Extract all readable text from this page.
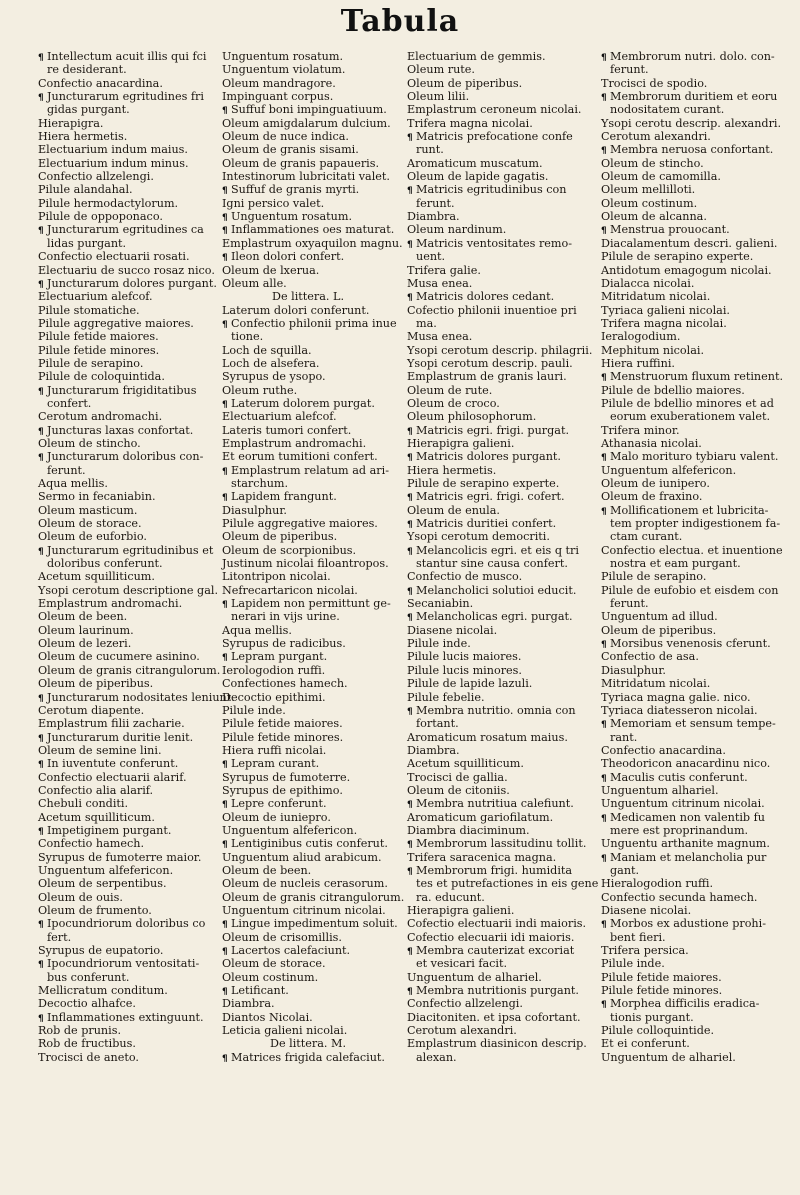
Tabula
¶ Intellectum acuit illis qui fci
re desiderant.
Confectio anacardina.
¶ Juncturarum egritudines fri
gidas purgant.
Hierapigra.
Hiera hermetis.
Electuarium indum maius.
Electuarium indum minus.
Confectio allzelengi.
Pilule alandahal.
Pilule hermodactylorum.
Pilule de oppoponaco.
¶ Juncturarum egritudines ca
lidas purgant.
Confectio electuarii rosati.
Electuariu de succo rosaz nico.
¶ Juncturarum dolores purgant.
Electuarium alefcof.
Pilule stomatiche.
Pilule aggregative maiores.
Pilule fetide maiores.
Pilule fetide minores.
Pilule de serapino.
Pilule de coloquintida.
¶ Juncturarum frigiditatibus
confert.
Cerotum andromachi.
¶ Juncturas laxas confortat.
Oleum de stincho.
¶ Juncturarum doloribus con-
ferunt.
Aqua mellis.
Sermo in fecaniabin.
Oleum masticum.
Oleum de storace.
Oleum de euforbio.
¶ Juncturarum egritudinibus et
doloribus conferunt.
Acetum squilliticum.
Ysopi cerotum descriptione gal.
Emplastrum andromachi.
Oleum de been.
Oleum laurinum.
Oleum de lezeri.
Oleum de cucumere asinino.
Oleum de granis citrangulorum.
Oleum de piperibus.
¶ Juncturarum nodositates leniunt.
Cerotum diapente.
Emplastrum filii zacharie.
¶ Juncturarum duritie lenit.
Oleum de semine lini.
¶ In iuventute conferunt.
Confectio electuarii alarif.
Confectio alia alarif.
Chebuli conditi.
Acetum squilliticum.
¶ Impetiginem purgant.
Confectio hamech.
Syrupus de fumoterre maior.
Unguentum alfefericon.
Oleum de serpentibus.
Oleum de ouis.
Oleum de frumento.
¶ Ipocundriorum doloribus co
fert.
Syrupus de eupatorio.
¶ Ipocundriorum ventositati-
bus conferunt.
Mellicratum conditum.
Decoctio alhafce.
¶ Inflammationes extinguunt.
Rob de prunis.
Rob de fructibus.
Trocisci de aneto.
Unguentum rosatum.
Unguentum violatum.
Oleum mandragore.
Impinguant corpus.
¶ Suffuf boni impinguatiuum.
Oleum amigdalarum dulcium.
Oleum de nuce indica.
Oleum de granis sisami.
Oleum de granis papaueris.
Intestinorum lubricitati valet.
¶ Suffuf de granis myrti.
Igni persico valet.
¶ Unguentum rosatum.
¶ Inflammationes oes maturat.
Emplastrum oxyaquilon magnu.
¶ Ileon dolori confert.
Oleum de lxerua.
Oleum alle.
De littera. L.
Laterum dolori conferunt.
¶ Confectio philonii prima inue
tione.
Loch de squilla.
Loch de alsefera.
Syrupus de ysopo.
Oleum ruthe.
¶ Laterum dolorem purgat.
Electuarium alefcof.
Lateris tumori confert.
Emplastrum andromachi.
Et eorum tumitioni confert.
¶ Emplastrum relatum ad ari-
starchum.
¶ Lapidem frangunt.
Diasulphur.
Pilule aggregative maiores.
Oleum de piperibus.
Oleum de scorpionibus.
Justinum nicolai filoantropos.
Litontripon nicolai.
Nefrecartaricon nicolai.
¶ Lapidem non permittunt ge-
nerari in vijs urine.
Aqua mellis.
Syrupus de radicibus.
¶ Lepram purgant.
Ierologodion ruffi.
Confectiones hamech.
Decoctio epithimi.
Pilule inde.
Pilule fetide maiores.
Pilule fetide minores.
Hiera ruffi nicolai.
¶ Lepram curant.
Syrupus de fumoterre.
Syrupus de epithimo.
¶ Lepre conferunt.
Oleum de iuniepro.
Unguentum alfefericon.
¶ Lentiginibus cutis conferut.
Unguentum aliud arabicum.
Oleum de been.
Oleum de nucleis cerasorum.
Oleum de granis citrangulorum.
Unguentum citrinum nicolai.
¶ Lingue impedimentum soluit.
Oleum de crisomillis.
¶ Lacertos calefaciunt.
Oleum de storace.
Oleum costinum.
¶ Letificant.
Diambra.
Diantos Nicolai.
Leticia galieni nicolai.
De littera. M.
¶ Matrices frigida calefaciut.
Electuarium de gemmis.
Oleum rute.
Oleum de piperibus.
Oleum lilii.
Emplastrum ceroneum nicolai.
Trifera magna nicolai.
¶ Matricis prefocatione confe
runt.
Aromaticum muscatum.
Oleum de lapide gagatis.
¶ Matricis egritudinibus con
ferunt.
Diambra.
Oleum nardinum.
¶ Matricis ventositates remo-
uent.
Trifera galie.
Musa enea.
¶ Matricis dolores cedant.
Cofectio philonii inuentioe pri
ma.
Musa enea.
Ysopi cerotum descrip. philagrii.
Ysopi cerotum descrip. pauli.
Emplastrum de granis lauri.
Oleum de rute.
Oleum de croco.
Oleum philosophorum.
¶ Matricis egri. frigi. purgat.
Hierapigra galieni.
¶ Matricis dolores purgant.
Hiera hermetis.
Pilule de serapino experte.
¶ Matricis egri. frigi. cofert.
Oleum de enula.
¶ Matricis duritiei confert.
Ysopi cerotum democriti.
¶ Melancolicis egri. et eis q tri
stantur sine causa confert.
Confectio de musco.
¶ Melancholici solutioi educit.
Secaniabin.
¶ Melancholicas egri. purgat.
Diasene nicolai.
Pilule inde.
Pilule lucis maiores.
Pilule lucis minores.
Pilule de lapide lazuli.
Pilule febelie.
¶ Membra nutritio. omnia con
fortant.
Aromaticum rosatum maius.
Diambra.
Acetum squilliticum.
Trocisci de gallia.
Oleum de citoniis.
¶ Membra nutritiua calefiunt.
Aromaticum gariofilatum.
Diambra diaciminum.
¶ Membrorum lassitudinu tollit.
Trifera saracenica magna.
¶ Membrorum frigi. humidita
tes et putrefactiones in eis gene
ra. educunt.
Hierapigra galieni.
Cofectio electuarii indi maioris.
Cofectio elecuarii idi maioris.
¶ Membra cauterizat excoriat
et vesicari facit.
Unguentum de alhariel.
¶ Membra nutritionis purgant.
Confectio allzelengi.
Diacitoniten. et ipsa cofortant.
Cerotum alexandri.
Emplastrum diasinicon descrip.
alexan.
¶ Membrorum nutri. dolo. con-
ferunt.
Trocisci de spodio.
¶ Membrorum duritiem et eoru
nodositatem curant.
Ysopi cerotu descrip. alexandri.
Cerotum alexandri.
¶ Membra neruosa confortant.
Oleum de stincho.
Oleum de camomilla.
Oleum mellilloti.
Oleum costinum.
Oleum de alcanna.
¶ Menstrua prouocant.
Diacalamentum descri. galieni.
Pilule de serapino experte.
Antidotum emagogum nicolai.
Dialacca nicolai.
Mitridatum nicolai.
Tyriaca galieni nicolai.
Trifera magna nicolai.
Ieralogodium.
Mephitum nicolai.
Hiera ruffini.
¶ Menstruorum fluxum retinent.
Pilule de bdellio maiores.
Pilule de bdellio minores et ad
eorum exuberationem valet.
Trifera minor.
Athanasia nicolai.
¶ Malo morituro tybiaru valent.
Unguentum alfefericon.
Oleum de iunipero.
Oleum de fraxino.
¶ Mollificationem et lubricita-
tem propter indigestionem fa-
ctam curant.
Confectio electua. et inuentione
nostra et eam purgant.
Pilule de serapino.
Pilule de eufobio et eisdem con
ferunt.
Unguentum ad illud.
Oleum de piperibus.
¶ Morsibus venenosis cferunt.
Confectio de asa.
Diasulphur.
Mitridatum nicolai.
Tyriaca magna galie. nico.
Tyriaca diatesseron nicolai.
¶ Memoriam et sensum tempe-
rant.
Confectio anacardina.
Theodoricon anacardinu nico.
¶ Maculis cutis conferunt.
Unguentum alhariel.
Unguentum citrinum nicolai.
¶ Medicamen non valentib fu
mere est proprinandum.
Unguentu arthanite magnum.
¶ Maniam et melancholia pur
gant.
Hieralogodion ruffi.
Confectio secunda hamech.
Diasene nicolai.
¶ Morbos ex adustione prohi-
bent fieri.
Trifera persica.
Pilule inde.
Pilule fetide maiores.
Pilule fetide minores.
¶ Morphea difficilis eradica-
tionis purgant.
Pilule colloquintide.
Et ei conferunt.
Unguentum de alhariel.
